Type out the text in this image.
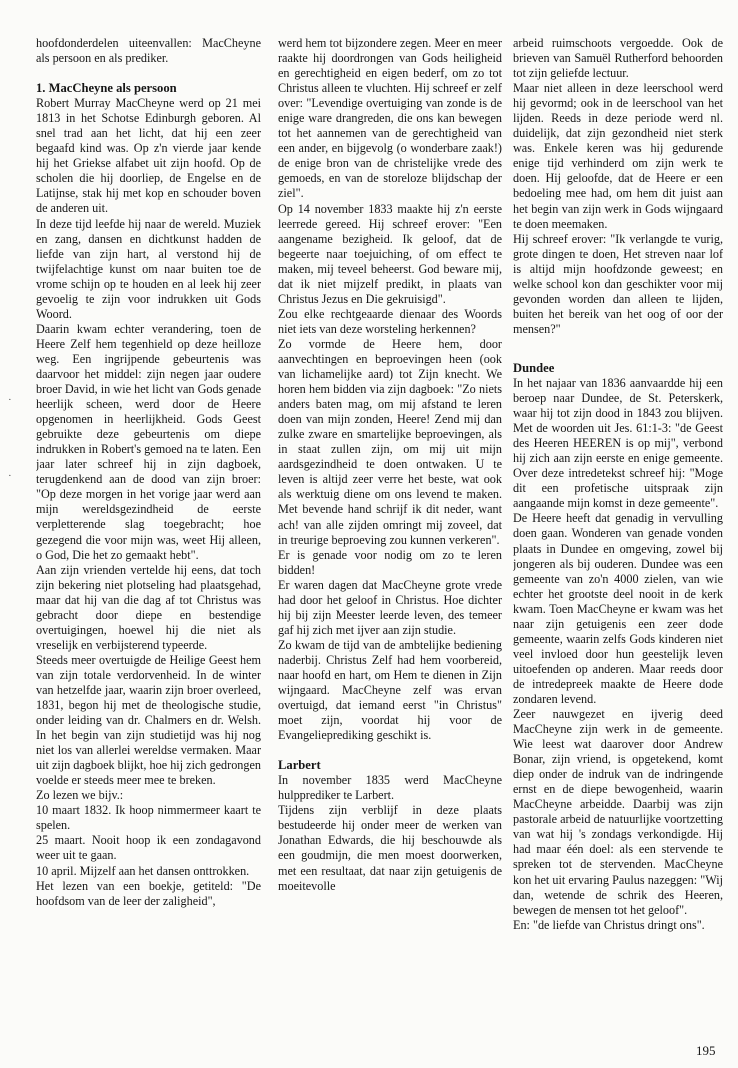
hoofdonderdelen uiteenvallen: MacCheyne als persoon en als prediker.

1. MacCheyne als persoon

Robert Murray MacCheyne werd op 21 mei 1813 in het Schotse Edinburgh geboren. Al snel trad aan het licht, dat hij een zeer begaafd kind was. Op z'n vierde jaar kende hij het Griekse alfabet uit zijn hoofd. Op de scholen die hij doorliep, de Engelse en de Latijnse, stak hij met kop en schouder boven de anderen uit.

In deze tijd leefde hij naar de wereld. Muziek en zang, dansen en dichtkunst hadden de liefde van zijn hart, al verstond hij de twijfelachtige kunst om naar buiten toe de vrome schijn op te houden en al leek hij zeer gevoelig te zijn voor indrukken uit Gods Woord.

Daarin kwam echter verandering, toen de Heere Zelf hem tegenhield op deze heilloze weg. Een ingrijpende gebeurtenis was daarvoor het middel: zijn negen jaar oudere broer David, in wie het licht van Gods genade heerlijk scheen, werd door de Heere opgenomen in heerlijkheid. Gods Geest gebruikte deze gebeurtenis om diepe indrukken in Robert's gemoed na te laten. Een jaar later schreef hij in zijn dagboek, terugdenkend aan de dood van zijn broer: "Op deze morgen in het vorige jaar werd aan mijn wereldsgezindheid de eerste verpletterende slag toegebracht; hoe gezegend die voor mijn was, weet Hij alleen, o God, Die het zo gemaakt hebt".

Aan zijn vrienden vertelde hij eens, dat toch zijn bekering niet plotseling had plaatsgehad, maar dat hij van die dag af tot Christus was gebracht door diepe en bestendige overtuigingen, hoewel hij die niet als vreselijk en verbijsterend typeerde.

Steeds meer overtuigde de Heilige Geest hem van zijn totale verdorvenheid. In de winter van hetzelfde jaar, waarin zijn broer overleed, 1831, begon hij met de theologische studie, onder leiding van dr. Chalmers en dr. Welsh. In het begin van zijn studietijd was hij nog niet los van allerlei wereldse vermaken. Maar uit zijn dagboek blijkt, hoe hij zich gedrongen voelde er steeds meer mee te breken.

Zo lezen we bijv.:

10 maart 1832. Ik hoop nimmermeer kaart te spelen.

25 maart. Nooit hoop ik een zondagavond weer uit te gaan.

10 april. Mijzelf aan het dansen onttrokken.

Het lezen van een boekje, getiteld: "De hoofdsom van de leer der zaligheid",

werd hem tot bijzondere zegen. Meer en meer raakte hij doordrongen van Gods heiligheid en gerechtigheid en eigen bederf, om zo tot Christus alleen te vluchten. Hij schreef er zelf over: "Levendige overtuiging van zonde is de enige ware drangreden, die ons kan bewegen tot het aannemen van de gerechtigheid van een ander, en bijgevolg (o wonderbare zaak!) de enige bron van de christelijke vrede des gemoeds, en van de storeloze blijdschap der ziel".

Op 14 november 1833 maakte hij z'n eerste leerrede gereed. Hij schreef erover: "Een aangename bezigheid. Ik geloof, dat de begeerte naar toejuiching, of om effect te maken, mij teveel beheerst. God beware mij, dat ik niet mijzelf predikt, in plaats van Christus Jezus en Die gekruisigd".

Zou elke rechtgeaarde dienaar des Woords niet iets van deze worsteling herkennen?

Zo vormde de Heere hem, door aanvechtingen en beproevingen heen (ook van lichamelijke aard) tot Zijn knecht. We horen hem bidden via zijn dagboek: "Zo niets anders baten mag, om mij afstand te leren doen van mijn zonden, Heere! Zend mij dan zulke zware en smartelijke beproevingen, als in staat zullen zijn, om mij uit mijn aardsgezindheid te doen ontwaken. U te leven is altijd zeer verre het beste, wat ook als werktuig diene om ons levend te maken. Met bevende hand schrijf ik dit neder, want ach! van alle zijden omringt mij zoveel, dat in treurige beproeving zou kunnen verkeren".

Er is genade voor nodig om zo te leren bidden!

Er waren dagen dat MacCheyne grote vrede had door het geloof in Christus. Hoe dichter hij bij zijn Meester leerde leven, des temeer gaf hij zich met ijver aan zijn studie.

Zo kwam de tijd van de ambtelijke bediening naderbij. Christus Zelf had hem voorbereid, naar hoofd en hart, om Hem te dienen in Zijn wijngaard. MacCheyne zelf was ervan overtuigd, dat iemand eerst "in Christus" moet zijn, voordat hij voor de Evangelieprediking geschikt is.

Larbert

In november 1835 werd MacCheyne hulpprediker te Larbert.

Tijdens zijn verblijf in deze plaats bestudeerde hij onder meer de werken van Jonathan Edwards, die hij beschouwde als een goudmijn, die men moest doorwerken, met een resultaat, dat naar zijn getuigenis de moeitevolle

arbeid ruimschoots vergoedde. Ook de brieven van Samuël Rutherford behoorden tot zijn geliefde lectuur.

Maar niet alleen in deze leerschool werd hij gevormd; ook in de leerschool van het lijden. Reeds in deze periode werd nl. duidelijk, dat zijn gezondheid niet sterk was. Enkele keren was hij gedurende enige tijd verhinderd om zijn werk te doen. Hij geloofde, dat de Heere er een bedoeling mee had, om hem dit juist aan het begin van zijn werk in Gods wijngaard te doen meemaken.

Hij schreef erover: "Ik verlangde te vurig, grote dingen te doen, Het streven naar lof is altijd mijn hoofdzonde geweest; en welke school kon dan geschikter voor mij gevonden worden dan alleen te lijden, buiten het bereik van het oog of oor der mensen?"

Dundee

In het najaar van 1836 aanvaardde hij een beroep naar Dundee, de St. Peterskerk, waar hij tot zijn dood in 1843 zou blijven. Met de woorden uit Jes. 61:1-3: "de Geest des Heeren HEEREN is op mij", verbond hij zich aan zijn eerste en enige gemeente. Over deze intredetekst schreef hij: "Moge dit een profetische uitspraak zijn aangaande mijn komst in deze gemeente".

De Heere heeft dat genadig in vervulling doen gaan. Wonderen van genade vonden plaats in Dundee en omgeving, zowel bij jongeren als bij ouderen. Dundee was een gemeente van zo'n 4000 zielen, van wie echter het grootste deel nooit in de kerk kwam. Toen MacCheyne er kwam was het naar zijn getuigenis een zeer dode gemeente, waarin zelfs Gods kinderen niet veel invloed door hun geestelijk leven uitoefenden op anderen. Maar reeds door de intredepreek maakte de Heere dode zondaren levend.

Zeer nauwgezet en ijverig deed MacCheyne zijn werk in de gemeente. Wie leest wat daarover door Andrew Bonar, zijn vriend, is opgetekend, komt diep onder de indruk van de indringende ernst en de diepe bewogenheid, waarin MacCheyne arbeidde. Daarbij was zijn pastorale arbeid de natuurlijke voortzetting van wat hij 's zondags verkondigde. Hij had maar één doel: als een stervende te spreken tot de stervenden. MacCheyne kon het uit ervaring Paulus nazeggen: "Wij dan, wetende de schrik des Heeren, bewegen de mensen tot het geloof".

En: "de liefde van Christus dringt ons".

·
·
195
